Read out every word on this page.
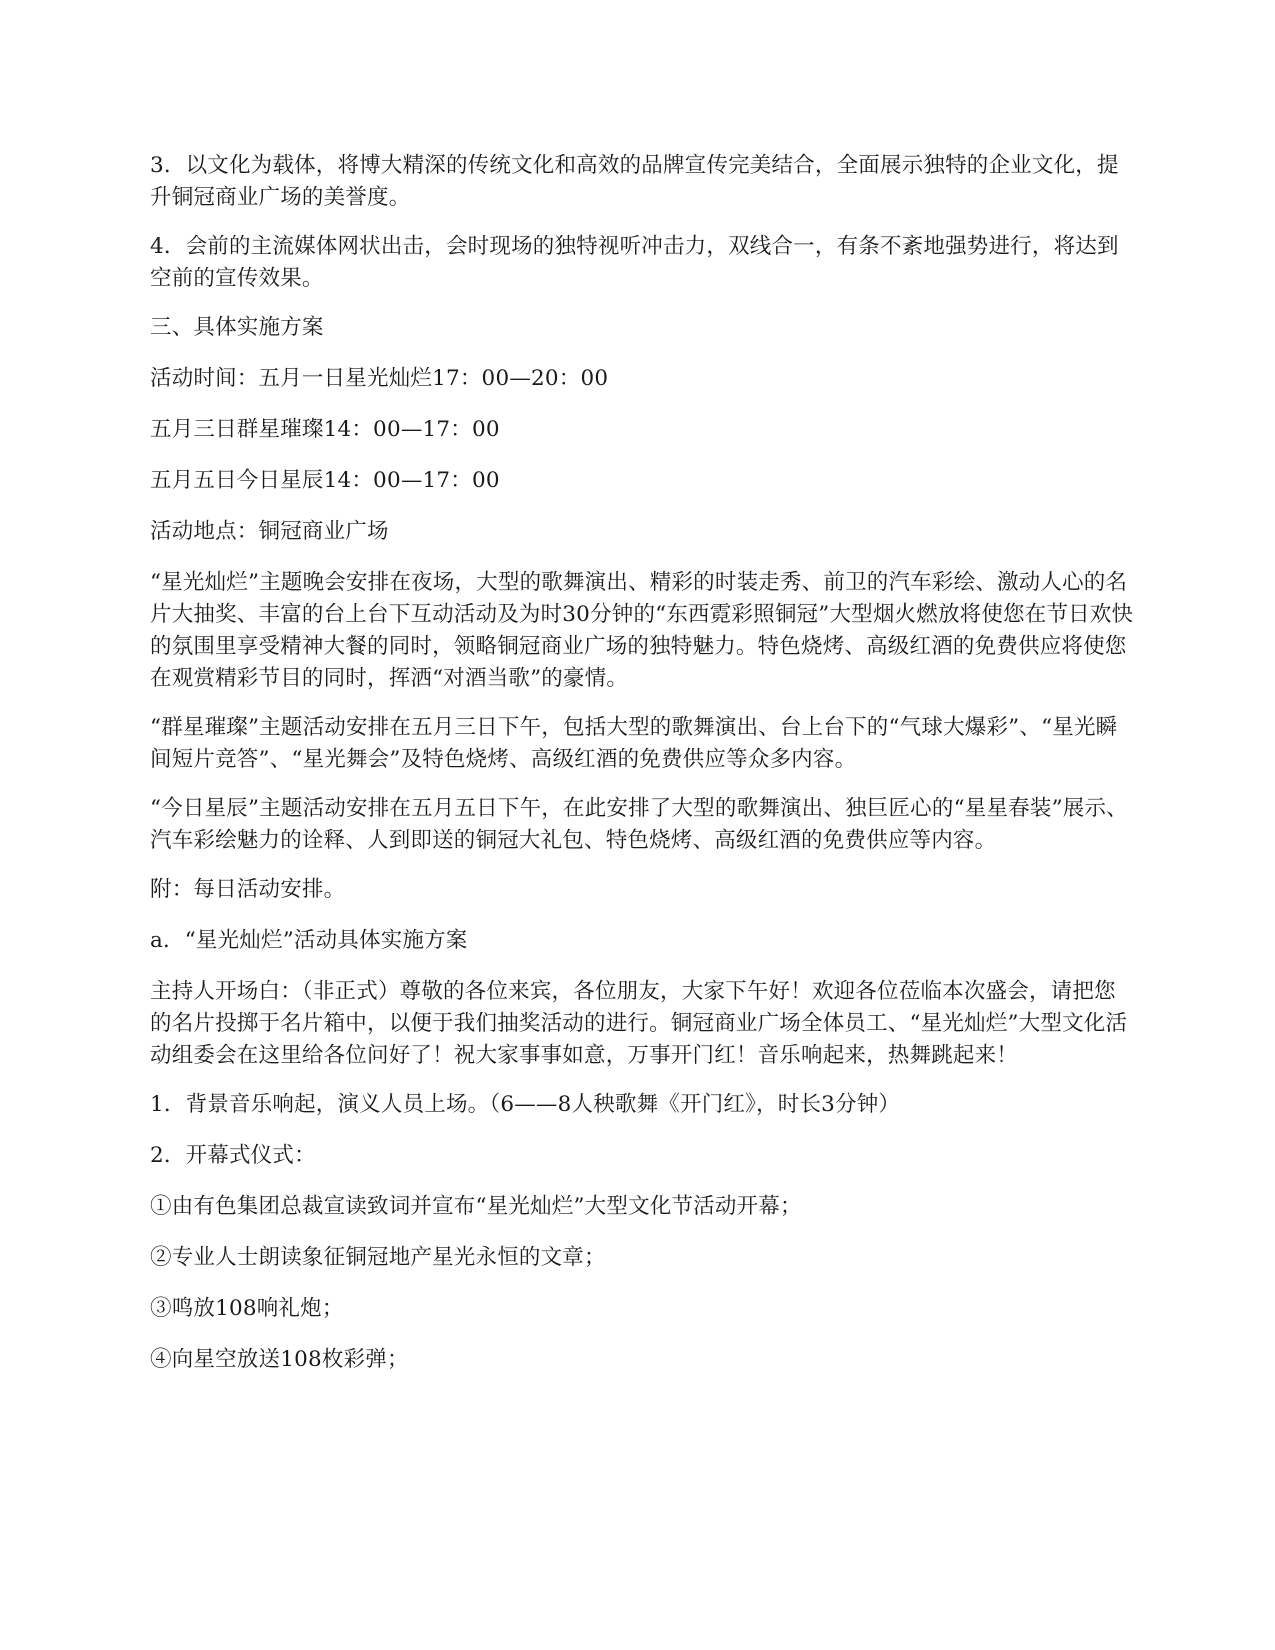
3．以文化为载体，将博大精深的传统文化和高效的品牌宣传完美结合，全面展示独特的企业文化，提升铜冠商业广场的美誉度。

4．会前的主流媒体网状出击，会时现场的独特视听冲击力，双线合一，有条不紊地强势进行，将达到空前的宣传效果。

三、具体实施方案

活动时间：五月一日星光灿烂17：00—20：00

五月三日群星璀璨14：00—17：00

五月五日今日星辰14：00—17：00

活动地点：铜冠商业广场

“星光灿烂”主题晚会安排在夜场，大型的歌舞演出、精彩的时装走秀、前卫的汽车彩绘、激动人心的名片大抽奖、丰富的台上台下互动活动及为时30分钟的“东西霓彩照铜冠”大型烟火燃放将使您在节日欢快的氛围里享受精神大餐的同时，领略铜冠商业广场的独特魅力。特色烧烤、高级红酒的免费供应将使您在观赏精彩节目的同时，挥洒“对酒当歌”的豪情。

“群星璀璨”主题活动安排在五月三日下午，包括大型的歌舞演出、台上台下的“气球大爆彩”、“星光瞬间短片竞答”、“星光舞会”及特色烧烤、高级红酒的免费供应等众多内容。

“今日星辰”主题活动安排在五月五日下午，在此安排了大型的歌舞演出、独巨匠心的“星星春装”展示、汽车彩绘魅力的诠释、人到即送的铜冠大礼包、特色烧烤、高级红酒的免费供应等内容。

附：每日活动安排。

a．“星光灿烂”活动具体实施方案

主持人开场白：（非正式）尊敬的各位来宾，各位朋友，大家下午好！欢迎各位莅临本次盛会，请把您的名片投掷于名片箱中，以便于我们抽奖活动的进行。铜冠商业广场全体员工、“星光灿烂”大型文化活动组委会在这里给各位问好了！祝大家事事如意，万事开门红！音乐响起来，热舞跳起来！

1．背景音乐响起，演义人员上场。（6——8人秧歌舞《开门红》，时长3分钟）

2．开幕式仪式：

①由有色集团总裁宣读致词并宣布“星光灿烂”大型文化节活动开幕；

②专业人士朗读象征铜冠地产星光永恒的文章；

③鸣放108响礼炮；

④向星空放送108枚彩弹；
